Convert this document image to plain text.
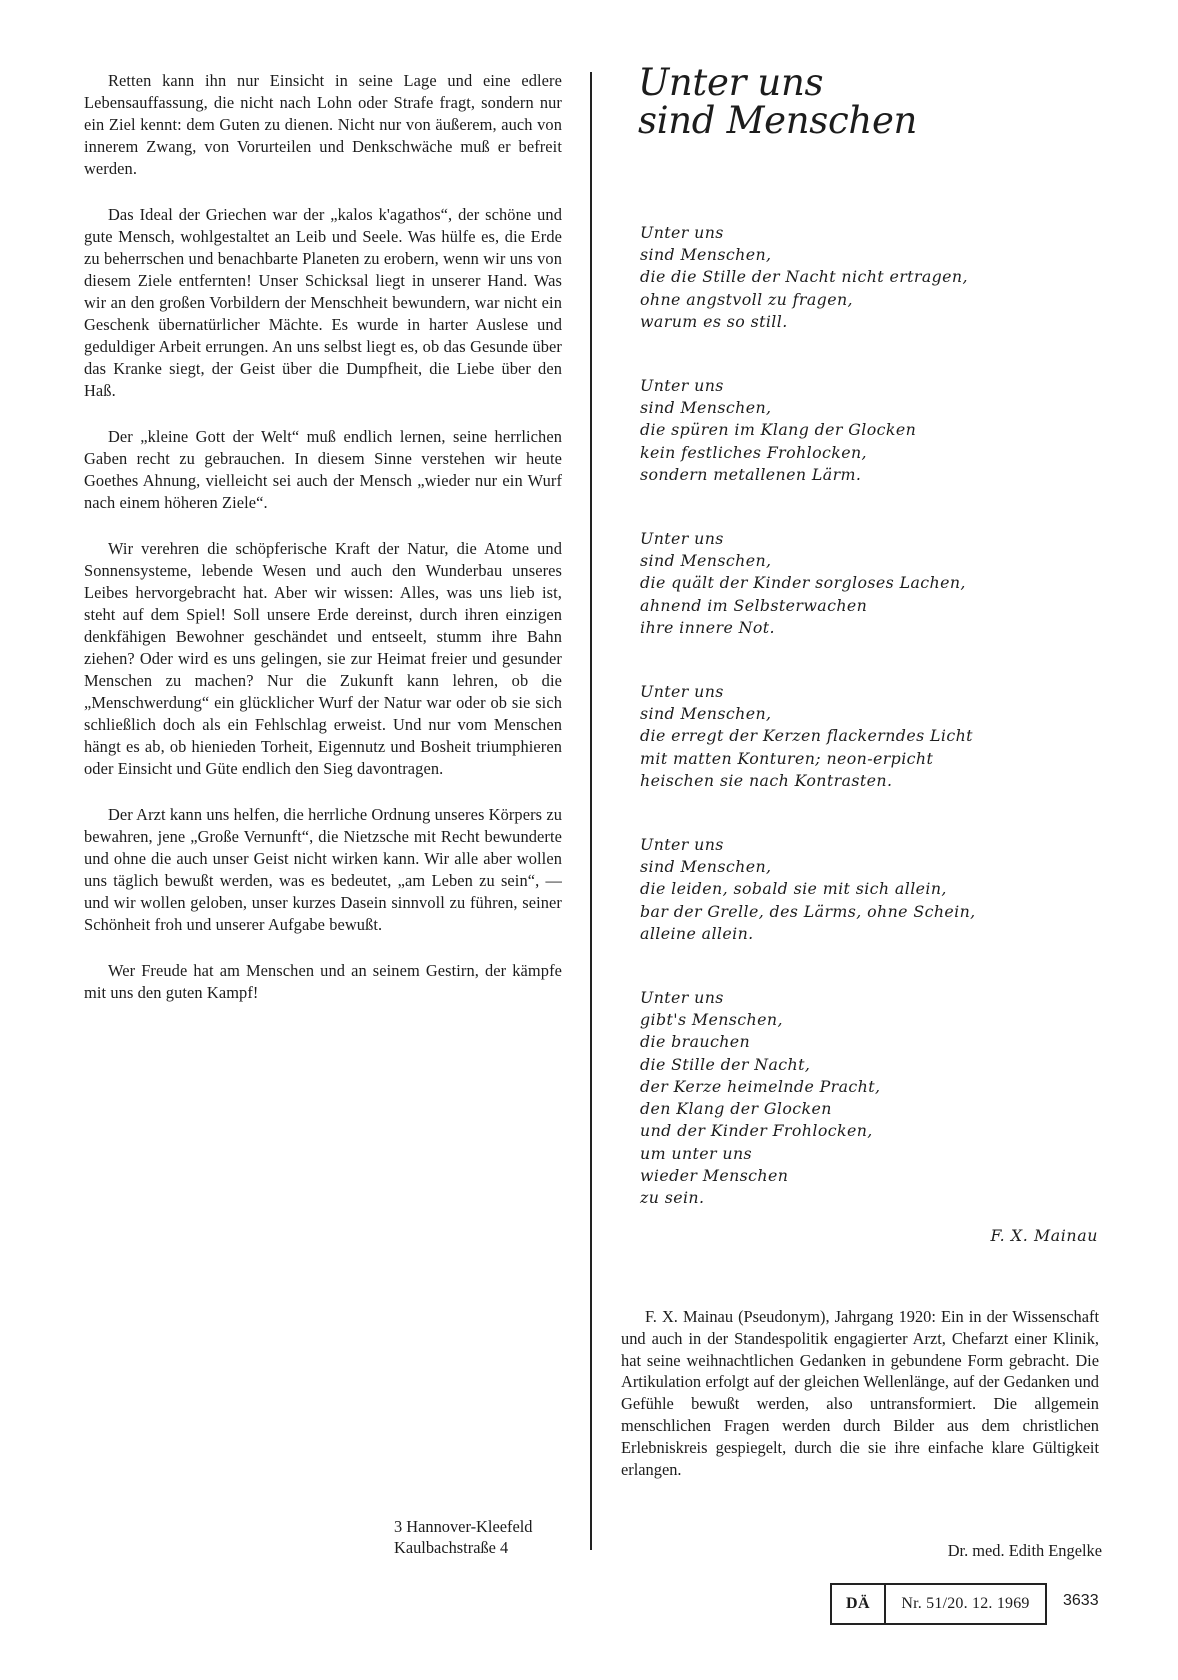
Retten kann ihn nur Einsicht in seine Lage und eine edlere Lebensauffassung, die nicht nach Lohn oder Strafe fragt, sondern nur ein Ziel kennt: dem Guten zu dienen. Nicht nur von äußerem, auch von innerem Zwang, von Vorurteilen und Denkschwäche muß er befreit werden.

Das Ideal der Griechen war der „kalos k'agathos“, der schöne und gute Mensch, wohlgestaltet an Leib und Seele. Was hülfe es, die Erde zu beherrschen und benachbarte Planeten zu erobern, wenn wir uns von diesem Ziele entfernten! Unser Schicksal liegt in unserer Hand. Was wir an den großen Vorbildern der Menschheit bewundern, war nicht ein Geschenk übernatürlicher Mächte. Es wurde in harter Auslese und geduldiger Arbeit errungen. An uns selbst liegt es, ob das Gesunde über das Kranke siegt, der Geist über die Dumpfheit, die Liebe über den Haß.

Der „kleine Gott der Welt“ muß endlich lernen, seine herrlichen Gaben recht zu gebrauchen. In diesem Sinne verstehen wir heute Goethes Ahnung, vielleicht sei auch der Mensch „wieder nur ein Wurf nach einem höheren Ziele“.

Wir verehren die schöpferische Kraft der Natur, die Atome und Sonnensysteme, lebende Wesen und auch den Wunderbau unseres Leibes hervorgebracht hat. Aber wir wissen: Alles, was uns lieb ist, steht auf dem Spiel! Soll unsere Erde dereinst, durch ihren einzigen denkfähigen Bewohner geschändet und entseelt, stumm ihre Bahn ziehen? Oder wird es uns gelingen, sie zur Heimat freier und gesunder Menschen zu machen? Nur die Zukunft kann lehren, ob die „Menschwerdung“ ein glücklicher Wurf der Natur war oder ob sie sich schließlich doch als ein Fehlschlag erweist. Und nur vom Menschen hängt es ab, ob hienieden Torheit, Eigennutz und Bosheit triumphieren oder Einsicht und Güte endlich den Sieg davontragen.

Der Arzt kann uns helfen, die herrliche Ordnung unseres Körpers zu bewahren, jene „Große Vernunft“, die Nietzsche mit Recht bewunderte und ohne die auch unser Geist nicht wirken kann. Wir alle aber wollen uns täglich bewußt werden, was es bedeutet, „am Leben zu sein“, — und wir wollen geloben, unser kurzes Dasein sinnvoll zu führen, seiner Schönheit froh und unserer Aufgabe bewußt.

Wer Freude hat am Menschen und an seinem Gestirn, der kämpfe mit uns den guten Kampf!

3 Hannover-Kleefeld
Kaulbachstraße 4
Unter uns
sind Menschen
Unter uns
sind Menschen,
die die Stille der Nacht nicht ertragen,
ohne angstvoll zu fragen,
warum es so still.
Unter uns
sind Menschen,
die spüren im Klang der Glocken
kein festliches Frohlocken,
sondern metallenen Lärm.
Unter uns
sind Menschen,
die quält der Kinder sorgloses Lachen,
ahnend im Selbsterwachen
ihre innere Not.
Unter uns
sind Menschen,
die erregt der Kerzen flackerndes Licht
mit matten Konturen; neon-erpicht
heischen sie nach Kontrasten.
Unter uns
sind Menschen,
die leiden, sobald sie mit sich allein,
bar der Grelle, des Lärms, ohne Schein,
alleine allein.
Unter uns
gibt's Menschen,
die brauchen
die Stille der Nacht,
der Kerze heimelnde Pracht,
den Klang der Glocken
und der Kinder Frohlocken,
um unter uns
wieder Menschen
zu sein.
F. X. Mainau

F. X. Mainau (Pseudonym), Jahrgang 1920: Ein in der Wissenschaft und auch in der Standespolitik engagierter Arzt, Chefarzt einer Klinik, hat seine weihnachtlichen Gedanken in gebundene Form gebracht. Die Artikulation erfolgt auf der gleichen Wellenlänge, auf der Gedanken und Gefühle bewußt werden, also untransformiert. Die allgemein menschlichen Fragen werden durch Bilder aus dem christlichen Erlebniskreis gespiegelt, durch die sie ihre einfache klare Gültigkeit erlangen.

Dr. med. Edith Engelke
DÄ	Nr. 51/20. 12. 1969	3633
